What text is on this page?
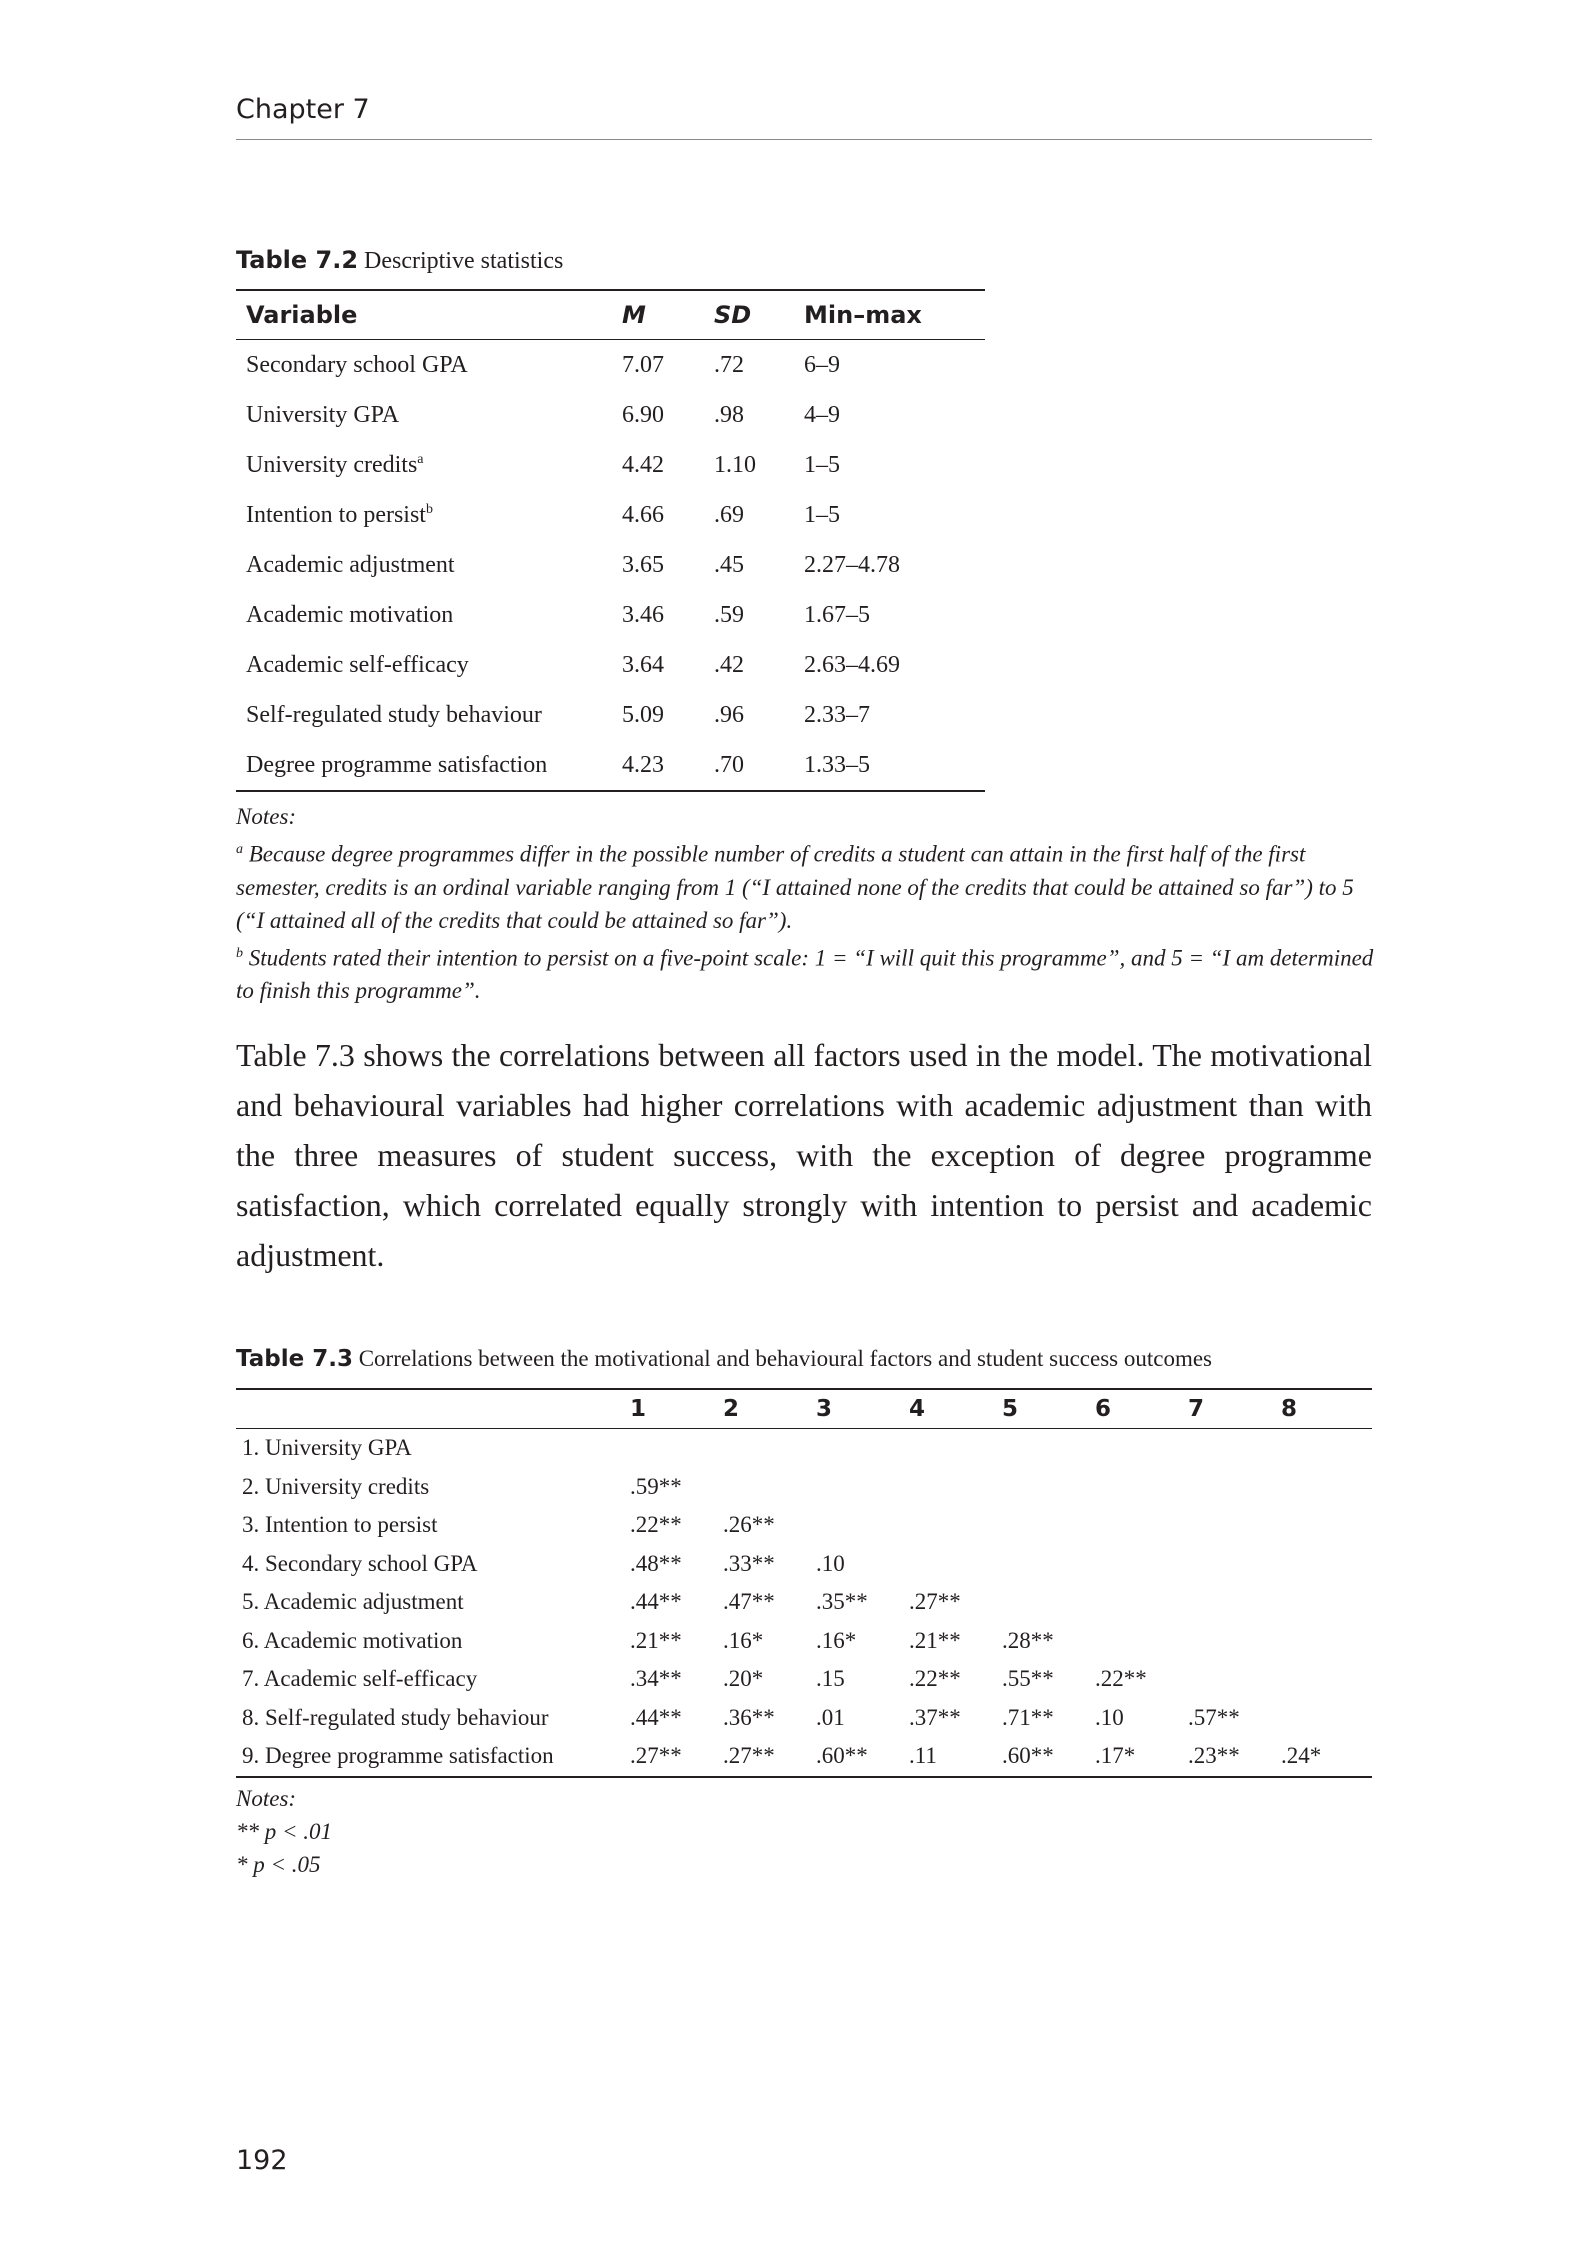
Chapter 7
Table 7.2 Descriptive statistics
Variable	M	SD	Min–max
Secondary school GPA	7.07	.72	6–9
University GPA	6.90	.98	4–9
University credits$^a$	4.42	1.10	1–5
Intention to persist$^b$	4.66	.69	1–5
Academic adjustment	3.65	.45	2.27–4.78
Academic motivation	3.46	.59	1.67–5
Academic self-efficacy	3.64	.42	2.63–4.69
Self-regulated study behaviour	5.09	.96	2.33–7
Degree programme satisfaction	4.23	.70	1.33–5

Notes:

$^a$ Because degree programmes differ in the possible number of credits a student can attain in the first half of the first semester, credits is an ordinal variable ranging from 1 (“I attained none of the credits that could be attained so far”) to 5 (“I attained all of the credits that could be attained so far”).

$^b$ Students rated their intention to persist on a five-point scale: 1 = “I will quit this programme”, and 5 = “I am determined to finish this programme”.

Table 7.3 shows the correlations between all factors used in the model. The motivational and behavioural variables had higher correlations with academic adjustment than with the three measures of student success, with the exception of degree programme satisfaction, which correlated equally strongly with intention to persist and academic adjustment.

Table 7.3 Correlations between the motivational and behavioural factors and student success outcomes
	1	2	3	4	5	6	7	8
1. University GPA								
2. University credits	.59**							
3. Intention to persist	.22**	.26**						
4. Secondary school GPA	.48**	.33**	.10					
5. Academic adjustment	.44**	.47**	.35**	.27**				
6. Academic motivation	.21**	.16*	.16*	.21**	.28**			
7. Academic self-efficacy	.34**	.20*	.15	.22**	.55**	.22**		
8. Self-regulated study behaviour	.44**	.36**	.01	.37**	.71**	.10	.57**	
9. Degree programme satisfaction	.27**	.27**	.60**	.11	.60**	.17*	.23**	.24*

Notes:

** p < .01

* p < .05

192
